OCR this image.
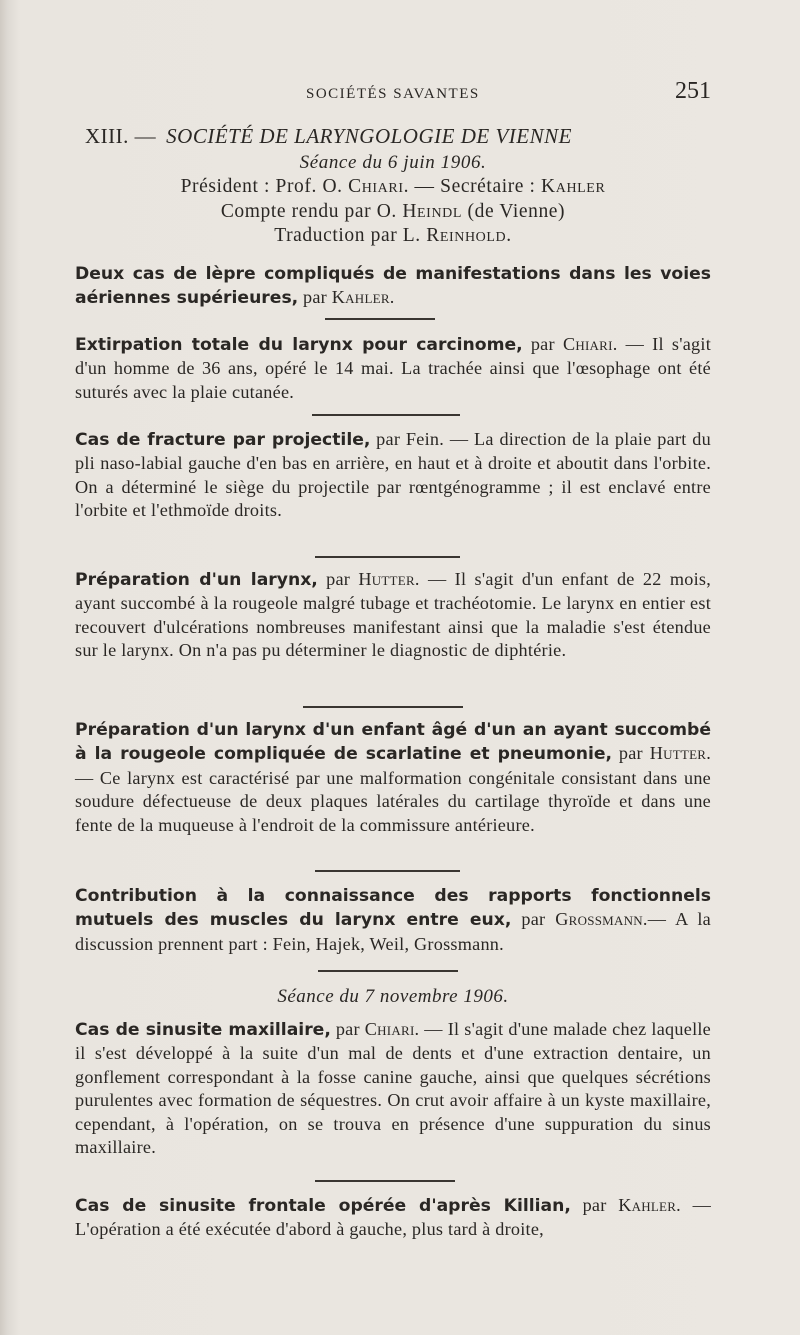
SOCIÉTÉS SAVANTES	251
XIII. — SOCIÉTÉ DE LARYNGOLOGIE DE VIENNE
Séance du 6 juin 1906.
Président : Prof. O. Chiari. — Secrétaire : Kahler
Compte rendu par O. Heindl (de Vienne)
Traduction par L. Reinhold.
Deux cas de lèpre compliqués de manifestations dans les voies aériennes supérieures, par Kahler.
Extirpation totale du larynx pour carcinome, par Chiari. — Il s'agit d'un homme de 36 ans, opéré le 14 mai. La trachée ainsi que l'œsophage ont été suturés avec la plaie cutanée.
Cas de fracture par projectile, par Fein. — La direction de la plaie part du pli naso-labial gauche d'en bas en arrière, en haut et à droite et aboutit dans l'orbite. On a déterminé le siège du projectile par rœntgénogramme ; il est enclavé entre l'orbite et l'ethmoïde droits.
Préparation d'un larynx, par Hutter. — Il s'agit d'un enfant de 22 mois, ayant succombé à la rougeole malgré tubage et trachéotomie. Le larynx en entier est recouvert d'ulcérations nombreuses manifestant ainsi que la maladie s'est étendue sur le larynx. On n'a pas pu déterminer le diagnostic de diphtérie.
Préparation d'un larynx d'un enfant âgé d'un an ayant succombé à la rougeole compliquée de scarlatine et pneumonie, par Hutter. — Ce larynx est caractérisé par une malformation congénitale consistant dans une soudure défectueuse de deux plaques latérales du cartilage thyroïde et dans une fente de la muqueuse à l'endroit de la commissure antérieure.
Contribution à la connaissance des rapports fonctionnels mutuels des muscles du larynx entre eux, par Grossmann.— A la discussion prennent part : Fein, Hajek, Weil, Grossmann.
Séance du 7 novembre 1906.
Cas de sinusite maxillaire, par Chiari. — Il s'agit d'une malade chez laquelle il s'est développé à la suite d'un mal de dents et d'une extraction dentaire, un gonflement correspondant à la fosse canine gauche, ainsi que quelques sécrétions purulentes avec formation de séquestres. On crut avoir affaire à un kyste maxillaire, cependant, à l'opération, on se trouva en présence d'une suppuration du sinus maxillaire.
Cas de sinusite frontale opérée d'après Killian, par Kahler. — L'opération a été exécutée d'abord à gauche, plus tard à droite,
